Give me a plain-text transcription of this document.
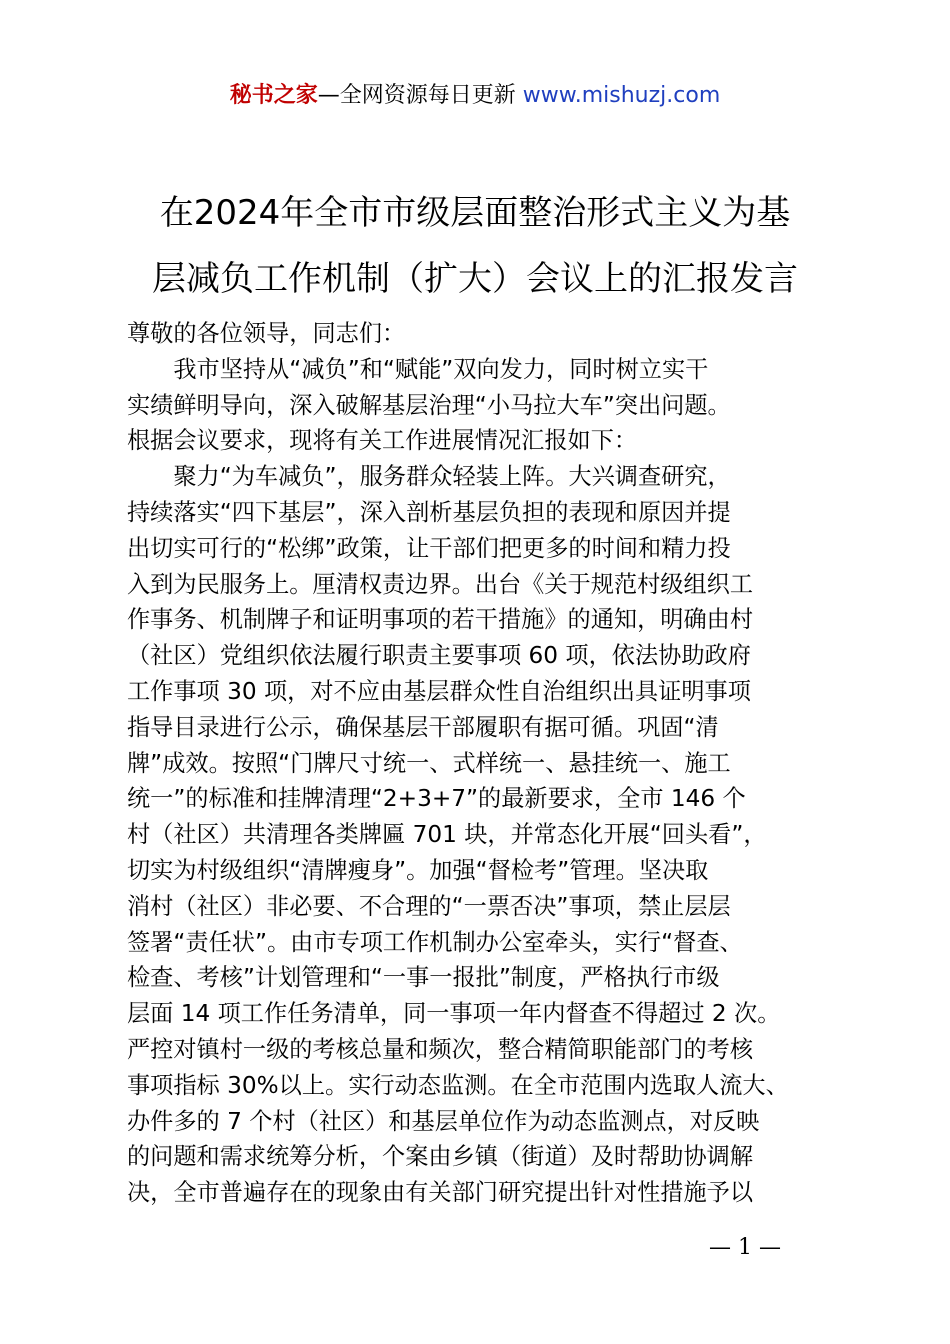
秘书之家—全网资源每日更新 www.mishuzj.com
在2024年全市市级层面整治形式主义为基
层减负工作机制（扩大）会议上的汇报发言

尊敬的各位领导，同志们：

　　我市坚持从“减负”和“赋能”双向发力，同时树立实干

实绩鲜明导向，深入破解基层治理“小马拉大车”突出问题。

根据会议要求，现将有关工作进展情况汇报如下：

　　聚力“为车减负”，服务群众轻装上阵。大兴调查研究，

持续落实“四下基层”，深入剖析基层负担的表现和原因并提

出切实可行的“松绑”政策，让干部们把更多的时间和精力投

入到为民服务上。厘清权责边界。出台《关于规范村级组织工

作事务、机制牌子和证明事项的若干措施》的通知，明确由村

（社区）党组织依法履行职责主要事项 60 项，依法协助政府

工作事项 30 项，对不应由基层群众性自治组织出具证明事项

指导目录进行公示，确保基层干部履职有据可循。巩固“清

牌”成效。按照“门牌尺寸统一、式样统一、悬挂统一、施工

统一”的标准和挂牌清理“2+3+7”的最新要求，全市 146 个

村（社区）共清理各类牌匾 701 块，并常态化开展“回头看”，

切实为村级组织“清牌瘦身”。加强“督检考”管理。坚决取

消村（社区）非必要、不合理的“一票否决”事项，禁止层层

签署“责任状”。由市专项工作机制办公室牵头，实行“督查、

检查、考核”计划管理和“一事一报批”制度，严格执行市级

层面 14 项工作任务清单，同一事项一年内督查不得超过 2 次。

严控对镇村一级的考核总量和频次，整合精简职能部门的考核

事项指标 30%以上。实行动态监测。在全市范围内选取人流大、

办件多的 7 个村（社区）和基层单位作为动态监测点，对反映

的问题和需求统筹分析，个案由乡镇（街道）及时帮助协调解

决，全市普遍存在的现象由有关部门研究提出针对性措施予以

— 1 —
